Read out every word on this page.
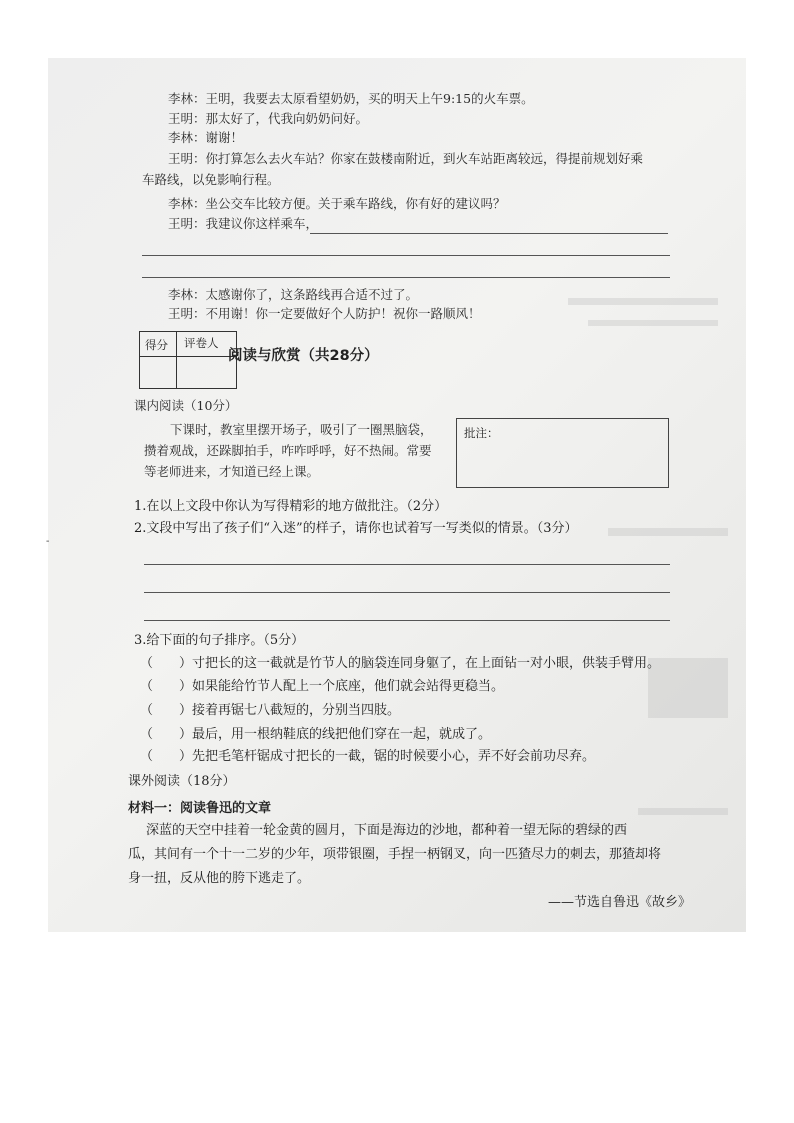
李林：王明，我要去太原看望奶奶，买的明天上午9:15的火车票。
王明：那太好了，代我向奶奶问好。
李林：谢谢！
王明：你打算怎么去火车站？你家在鼓楼南附近，到火车站距离较远，得提前规划好乘
车路线，以免影响行程。
李林：坐公交车比较方便。关于乘车路线，你有好的建议吗？
王明：我建议你这样乘车，
李林：太感谢你了，这条路线再合适不过了。
王明：不用谢！你一定要做好个人防护！祝你一路顺风！
得分 评卷人
阅读与欣赏（共28分）
课内阅读（10分）
下课时，教室里摆开场子，吸引了一圈黑脑袋，
攒着观战，还跺脚拍手，咋咋呼呼，好不热闹。常要
等老师进来，才知道已经上课。
批注：
1.在以上文段中你认为写得精彩的地方做批注。（2分）
2.文段中写出了孩子们“入迷”的样子，请你也试着写一写类似的情景。（3分）
3.给下面的句子排序。（5分）
（　　）寸把长的这一截就是竹节人的脑袋连同身躯了，在上面钻一对小眼，供装手臂用。
（　　）如果能给竹节人配上一个底座，他们就会站得更稳当。
（　　）接着再锯七八截短的，分别当四肢。
（　　）最后，用一根纳鞋底的线把他们穿在一起，就成了。
（　　）先把毛笔杆锯成寸把长的一截，锯的时候要小心，弄不好会前功尽弃。
课外阅读（18分）
材料一：阅读鲁迅的文章
深蓝的天空中挂着一轮金黄的圆月，下面是海边的沙地，都种着一望无际的碧绿的西
瓜，其间有一个十一二岁的少年，项带银圈，手捏一柄钢叉，向一匹猹尽力的刺去，那猹却将
身一扭，反从他的胯下逃走了。
——节选自鲁迅《故乡》
-
